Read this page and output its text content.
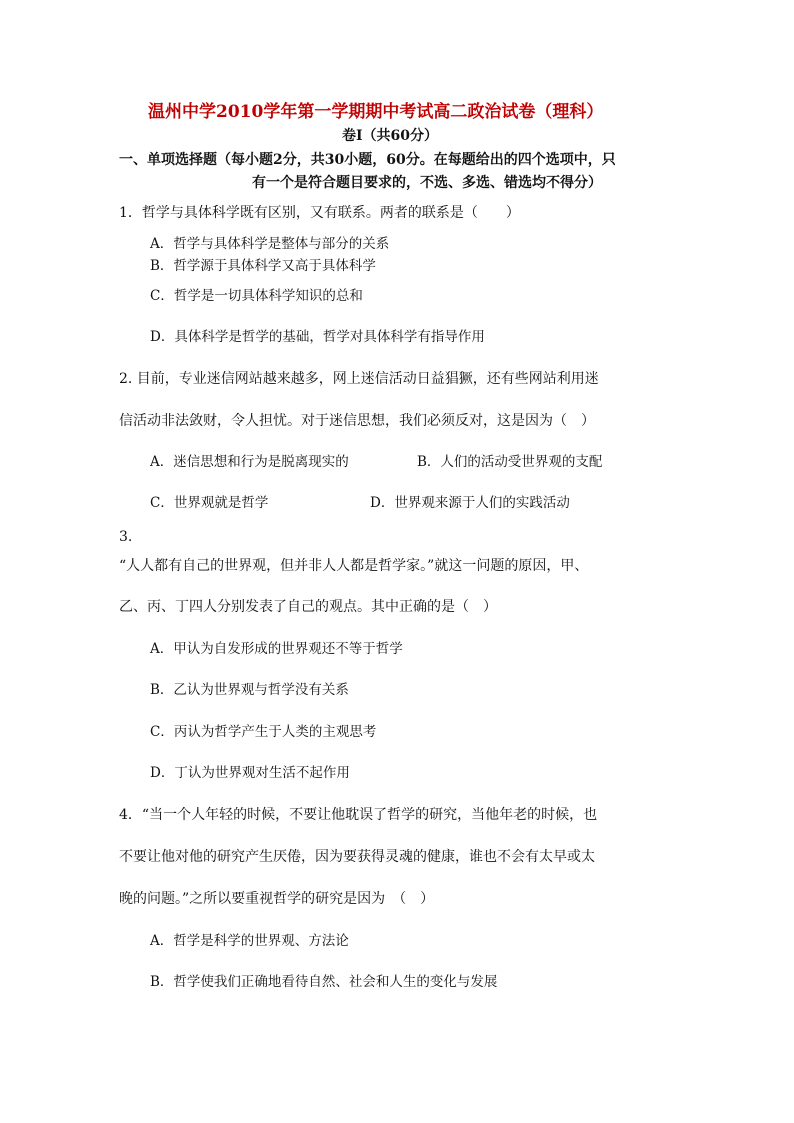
温州中学2010学年第一学期期中考试高二政治试卷（理科）
卷Ⅰ（共60分）
一、单项选择题（每小题2分，共30小题，60分。在每题给出的四个选项中，只
有一个是符合题目要求的，不选、多选、错选均不得分）
1．哲学与具体科学既有区别，又有联系。两者的联系是（　　）
A．哲学与具体科学是整体与部分的关系
B．哲学源于具体科学又高于具体科学
C．哲学是一切具体科学知识的总和
D．具体科学是哲学的基础，哲学对具体科学有指导作用
2. 目前，专业迷信网站越来越多，网上迷信活动日益猖獗，还有些网站利用迷
信活动非法敛财，令人担忧。对于迷信思想，我们必须反对，这是因为（　）
A．迷信思想和行为是脱离现实的	B．人们的活动受世界观的支配
C．世界观就是哲学	D．世界观来源于人们的实践活动
3.
“人人都有自己的世界观，但并非人人都是哲学家。”就这一问题的原因，甲、
乙、丙、丁四人分别发表了自己的观点。其中正确的是（　）
A．甲认为自发形成的世界观还不等于哲学
B．乙认为世界观与哲学没有关系
C．丙认为哲学产生于人类的主观思考
D．丁认为世界观对生活不起作用
4．“当一个人年轻的时候，不要让他耽误了哲学的研究，当他年老的时候，也
不要让他对他的研究产生厌倦，因为要获得灵魂的健康，谁也不会有太早或太
晚的问题。”之所以要重视哲学的研究是因为　（　）
A．哲学是科学的世界观、方法论
B．哲学使我们正确地看待自然、社会和人生的变化与发展
